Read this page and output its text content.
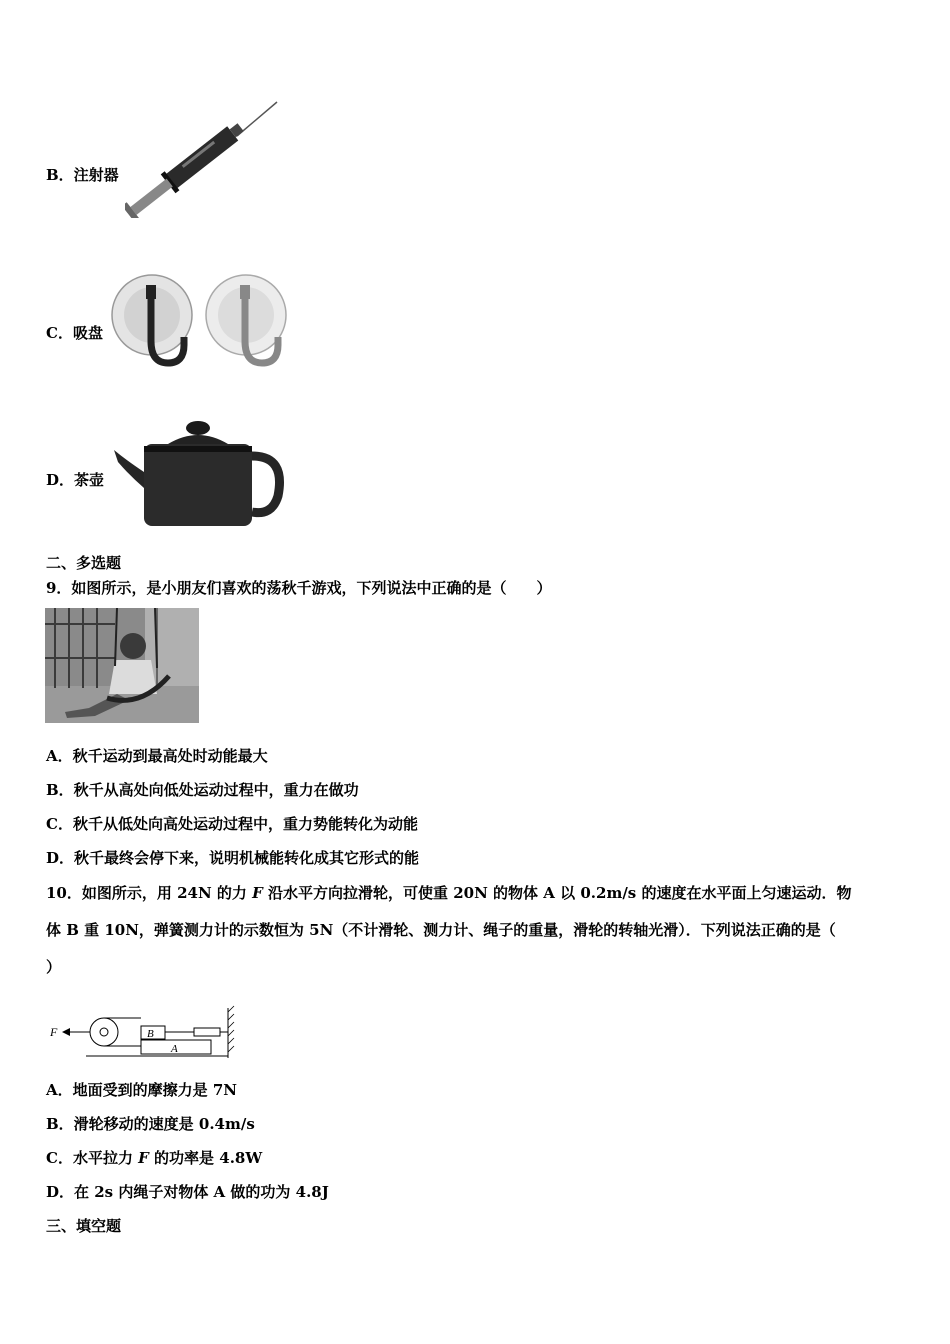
B．注射器
C．吸盘
D．茶壶
二、多选题
9．如图所示，是小朋友们喜欢的荡秋千游戏，下列说法中正确的是（　　）
A．秋千运动到最高处时动能最大
B．秋千从高处向低处运动过程中，重力在做功
C．秋千从低处向高处运动过程中，重力势能转化为动能
D．秋千最终会停下来，说明机械能转化成其它形式的能
10．如图所示，用 24N 的力 F 沿水平方向拉滑轮，可使重 20N 的物体 A 以 0.2m/s 的速度在水平面上匀速运动．物
体 B 重 10N，弹簧测力计的示数恒为 5N（不计滑轮、测力计、绳子的重量，滑轮的转轴光滑）．下列说法正确的是（
）
F	B
A
A．地面受到的摩擦力是 7N
B．滑轮移动的速度是 0.4m/s
C．水平拉力 F 的功率是 4.8W
D．在 2s 内绳子对物体 A 做的功为 4.8J
三、填空题
